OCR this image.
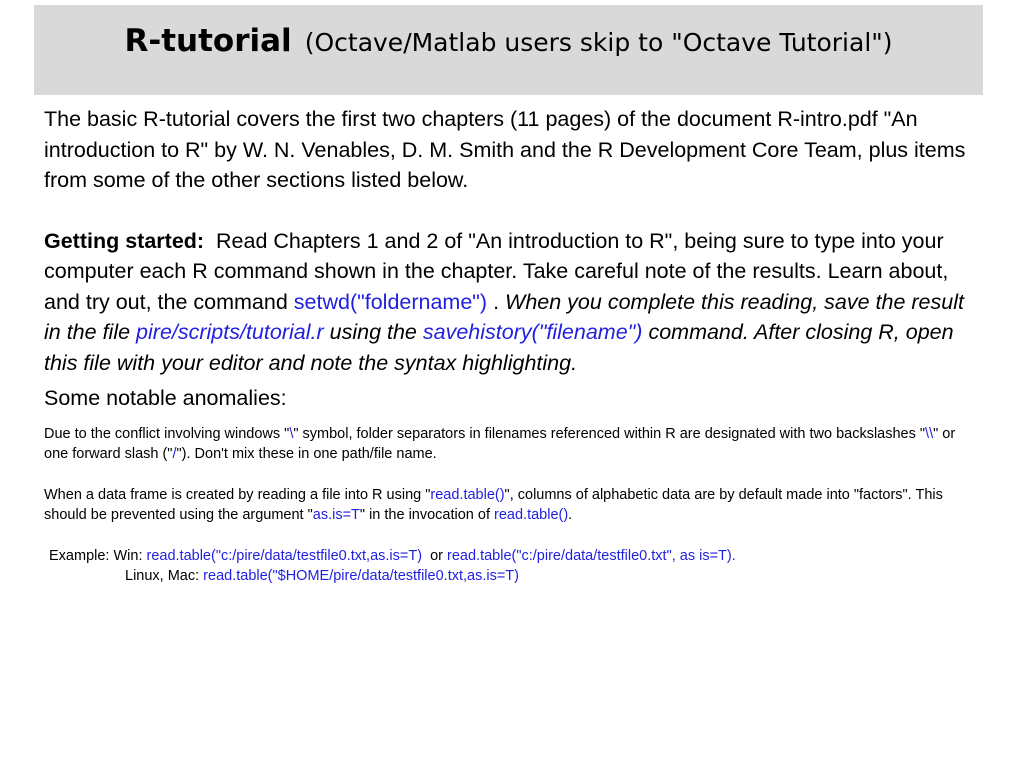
R-tutorial (Octave/Matlab users skip to "Octave Tutorial")

The basic R-tutorial covers the first two chapters (11 pages) of the document R-intro.pdf "An introduction to R" by W. N. Venables, D. M. Smith and the R Development Core Team, plus items from some of the other sections listed below.

Getting started: Read Chapters 1 and 2 of "An introduction to R", being sure to type into your computer each R command shown in the chapter. Take careful note of the results. Learn about, and try out, the command setwd("foldername") . When you complete this reading, save the result in the file pire/scripts/tutorial.r using the savehistory("filename") command. After closing R, open this file with your editor and note the syntax highlighting.

Some notable anomalies:

Due to the conflict involving windows "\" symbol, folder separators in filenames referenced within R are designated with two backslashes "\\" or one forward slash ("/"). Don't mix these in one path/file name.

When a data frame is created by reading a file into R using "read.table()", columns of alphabetic data are by default made into "factors". This should be prevented using the argument "as.is=T" in the invocation of read.table().

Example: Win: read.table("c:/pire/data/testfile0.txt,as.is=T)  or read.table("c:/pire/data/testfile0.txt", as is=T).

Linux, Mac: read.table("$HOME/pire/data/testfile0.txt,as.is=T)
